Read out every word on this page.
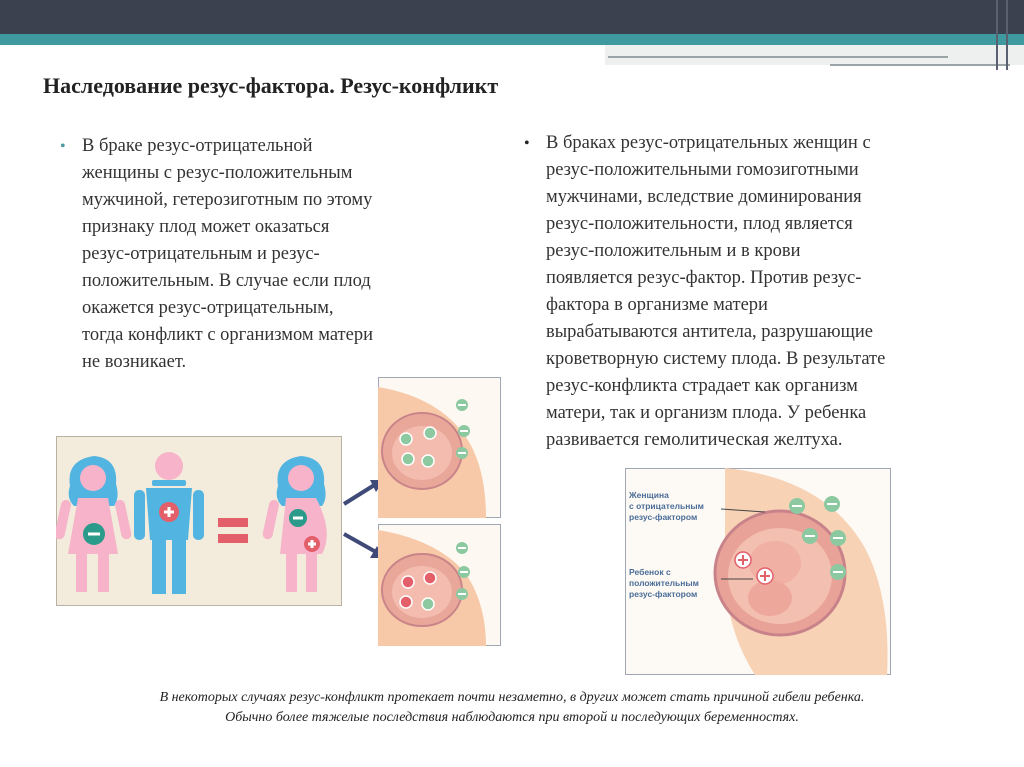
Наследование резус-фактора. Резус-конфликт
• В браке резус-отрицательной
женщины с резус-положительным
мужчиной, гетерозиготным по этому
признаку плод может оказаться
резус-отрицательным и резус-
положительным. В случае если плод
окажется резус-отрицательным,
тогда конфликт с организмом матери
не возникает.
• В браках резус-отрицательных женщин с
резус-положительными гомозиготными
мужчинами, вследствие доминирования
резус-положительности, плод является
резус-положительным и в крови
появляется резус-фактор. Против резус-
фактора в организме матери
вырабатываются антитела, разрушающие
кроветворную систему плода. В результате
резус-конфликта страдает как организм
матери, так и организм плода. У ребенка
развивается гемолитическая желтуха.
Женщина
с отрицательным
резус-фактором
Ребенок с
положительным
резус-фактором
В некоторых случаях резус-конфликт протекает почти незаметно, в других может стать причиной гибели ребенка.
Обычно более тяжелые последствия наблюдаются при второй и последующих беременностях.
